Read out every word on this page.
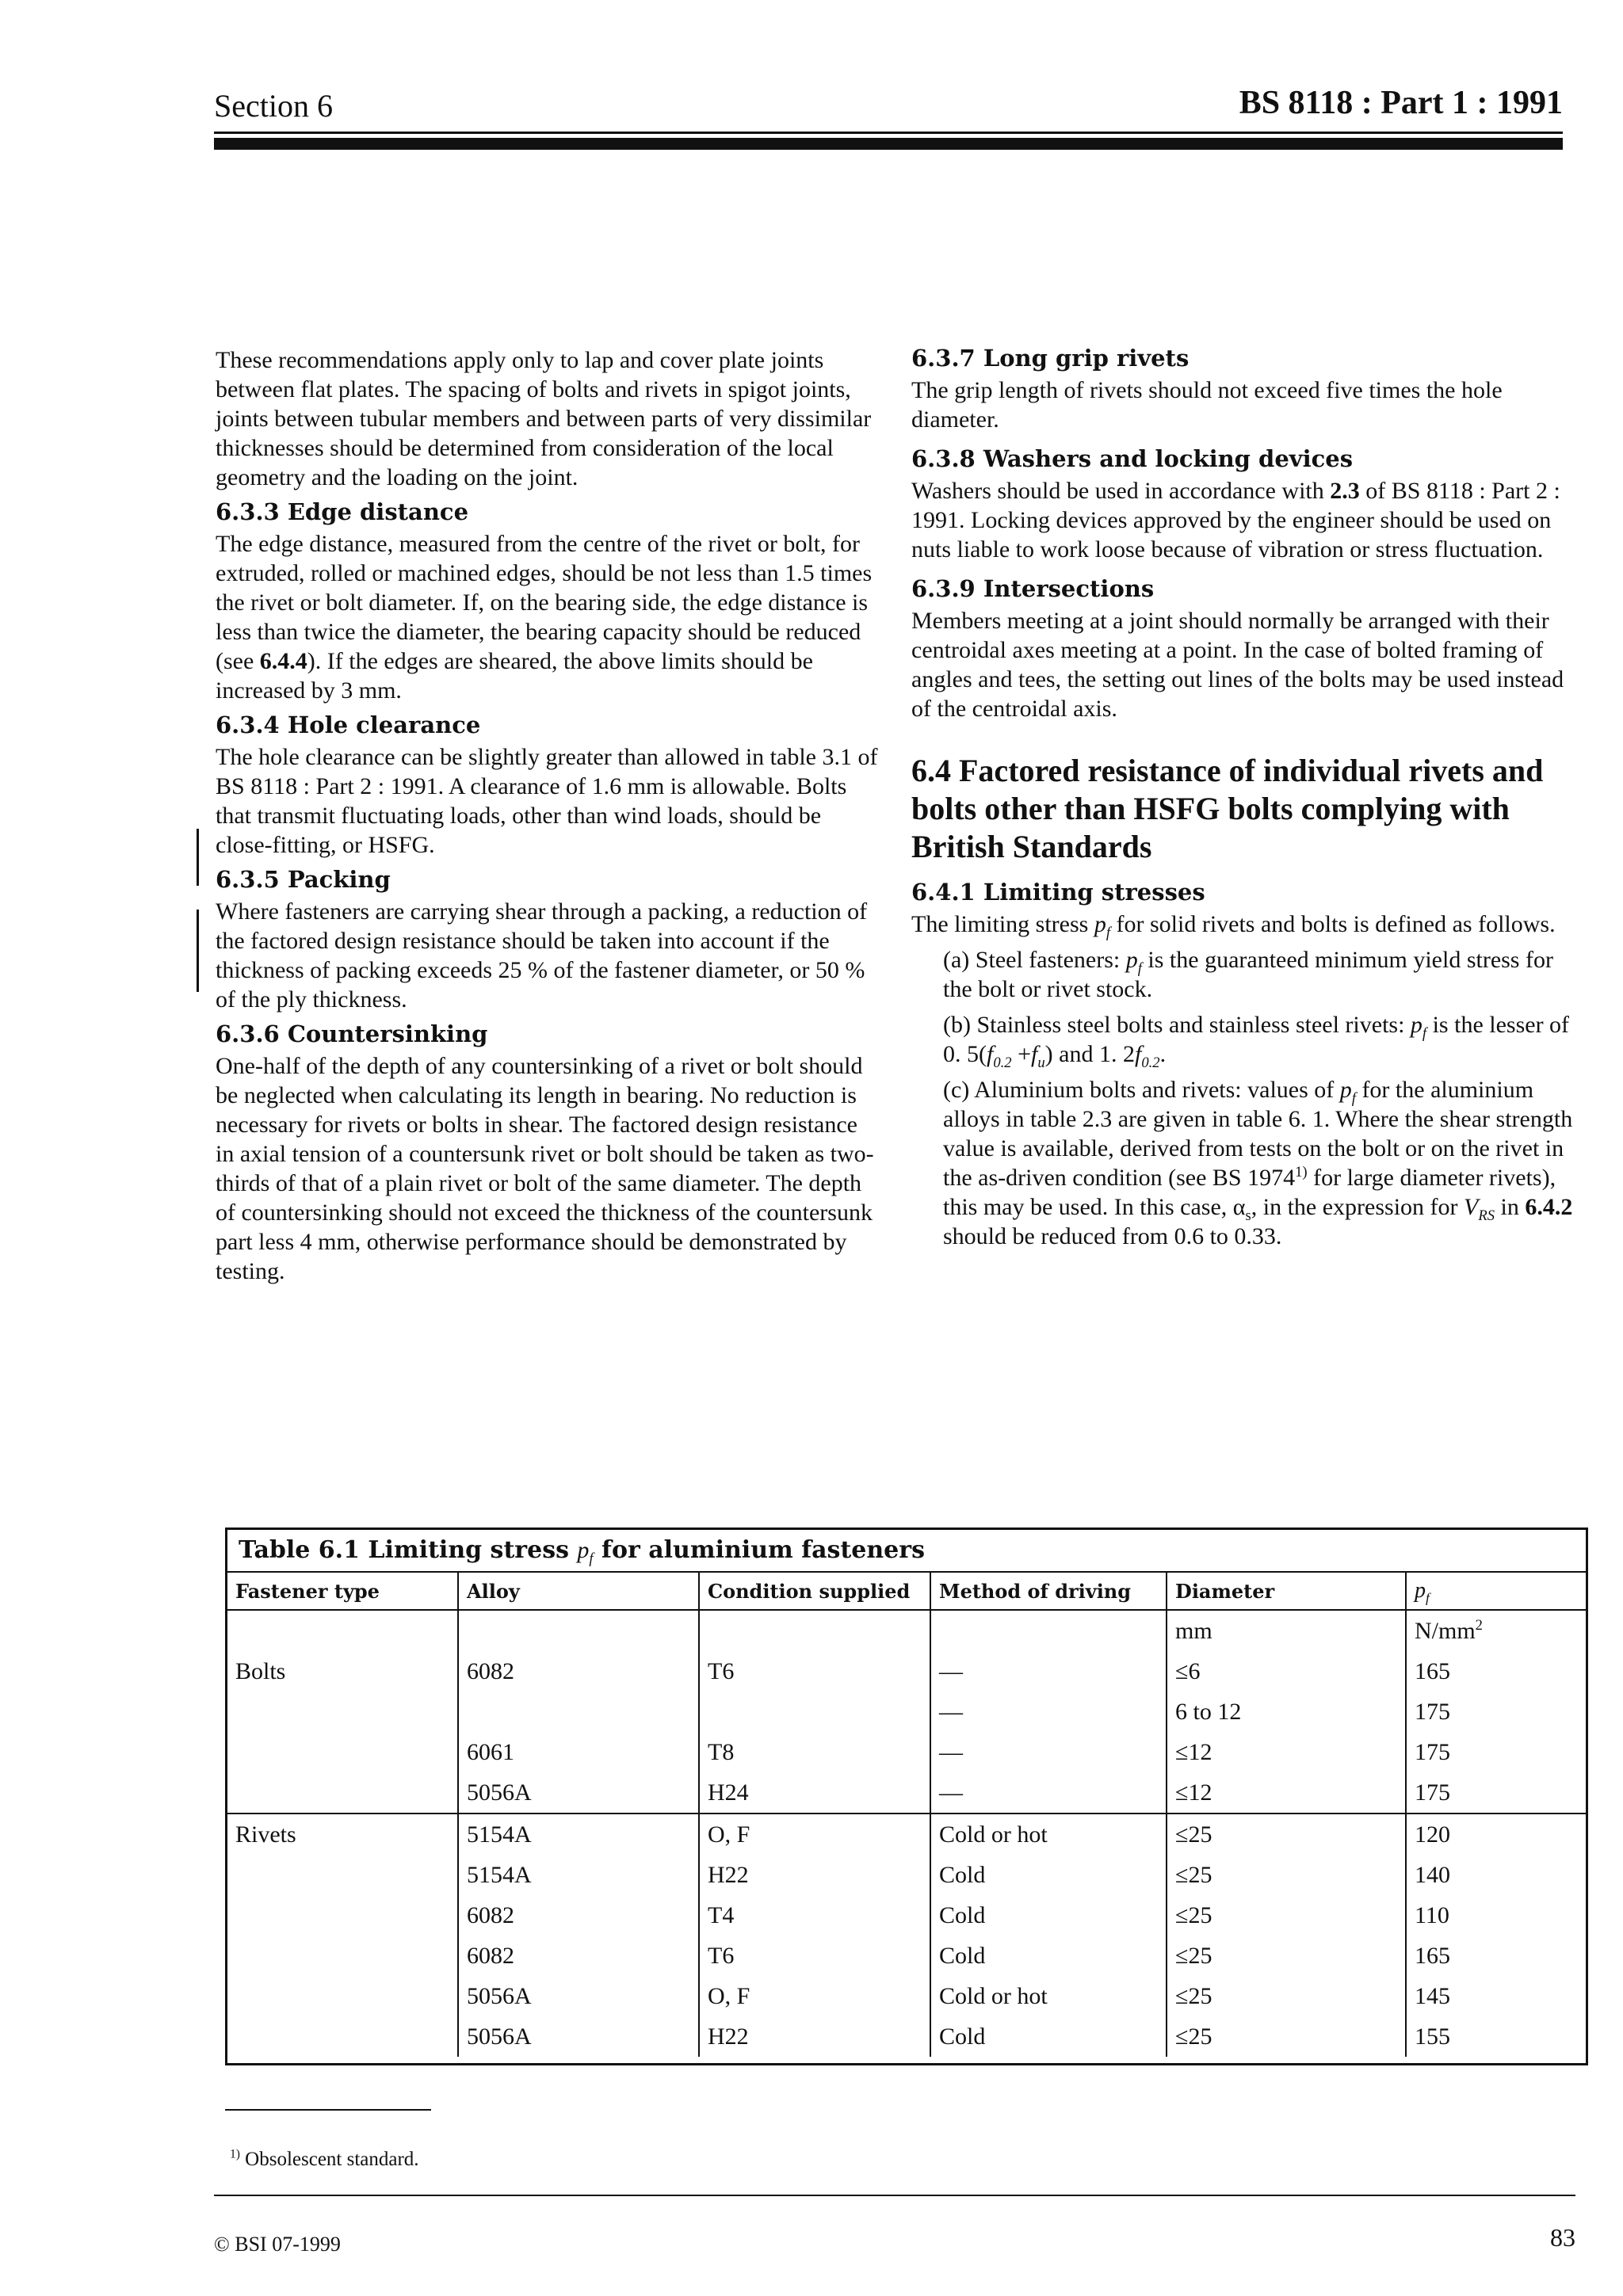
Section 6	BS 8118 : Part 1 : 1991

These recommendations apply only to lap and cover plate joints between flat plates. The spacing of bolts and rivets in spigot joints, joints between tubular members and between parts of very dissimilar thicknesses should be determined from consideration of the local geometry and the loading on the joint.

6.3.3 Edge distance

The edge distance, measured from the centre of the rivet or bolt, for extruded, rolled or machined edges, should be not less than 1.5 times the rivet or bolt diameter. If, on the bearing side, the edge distance is less than twice the diameter, the bearing capacity should be reduced (see 6.4.4). If the edges are sheared, the above limits should be increased by 3 mm.

6.3.4 Hole clearance

The hole clearance can be slightly greater than allowed in table 3.1 of BS 8118 : Part 2 : 1991. A clearance of 1.6 mm is allowable. Bolts that transmit fluctuating loads, other than wind loads, should be close-fitting, or HSFG.

6.3.5 Packing

Where fasteners are carrying shear through a packing, a reduction of the factored design resistance should be taken into account if the thickness of packing exceeds 25 % of the fastener diameter, or 50 % of the ply thickness.

6.3.6 Countersinking

One-half of the depth of any countersinking of a rivet or bolt should be neglected when calculating its length in bearing. No reduction is necessary for rivets or bolts in shear. The factored design resistance in axial tension of a countersunk rivet or bolt should be taken as two-thirds of that of a plain rivet or bolt of the same diameter. The depth of countersinking should not exceed the thickness of the countersunk part less 4 mm, otherwise performance should be demonstrated by testing.

6.3.7 Long grip rivets

The grip length of rivets should not exceed five times the hole diameter.

6.3.8 Washers and locking devices

Washers should be used in accordance with 2.3 of BS 8118 : Part 2 : 1991. Locking devices approved by the engineer should be used on nuts liable to work loose because of vibration or stress fluctuation.

6.3.9 Intersections

Members meeting at a joint should normally be arranged with their centroidal axes meeting at a point. In the case of bolted framing of angles and tees, the setting out lines of the bolts may be used instead of the centroidal axis.

6.4 Factored resistance of individual rivets and bolts other than HSFG bolts complying with British Standards
6.4.1 Limiting stresses

The limiting stress $p_f$ for solid rivets and bolts is defined as follows.

(a) Steel fasteners: $p_f$ is the guaranteed minimum yield stress for the bolt or rivet stock.

(b) Stainless steel bolts and stainless steel rivets: $p_f$ is the lesser of 0. $5(f_{0.2} +f_u)$ and 1. $2f_{0.2}$.

(c) Aluminium bolts and rivets: values of $p_f$ for the aluminium alloys in table 2.3 are given in table 6. 1. Where the shear strength value is available, derived from tests on the bolt or on the rivet in the as-driven condition (see BS 1974$^{1)}$ for large diameter rivets), this may be used. In this case, $\alpha_s$, in the expression for $V_{RS}$ in 6.4.2 should be reduced from 0.6 to 0.33.

Table 6.1 Limiting stress $p_f$ for aluminium fasteners
Fastener type	Alloy	Condition supplied	Method of driving	Diameter	$p_f$
				mm	$N/mm^2$
Bolts	6082	T6	—	≤6	165
			—	6 to 12	175
	6061	T8	—	≤12	175
	5056A	H24	—	≤12	175
Rivets	5154A	O, F	Cold or hot	≤25	120
	5154A	H22	Cold	≤25	140
	6082	T4	Cold	≤25	110
	6082	T6	Cold	≤25	165
	5056A	O, F	Cold or hot	≤25	145
	5056A	H22	Cold	≤25	155
$^{1)}$ Obsolescent standard.
© BSI 07-1999	83
